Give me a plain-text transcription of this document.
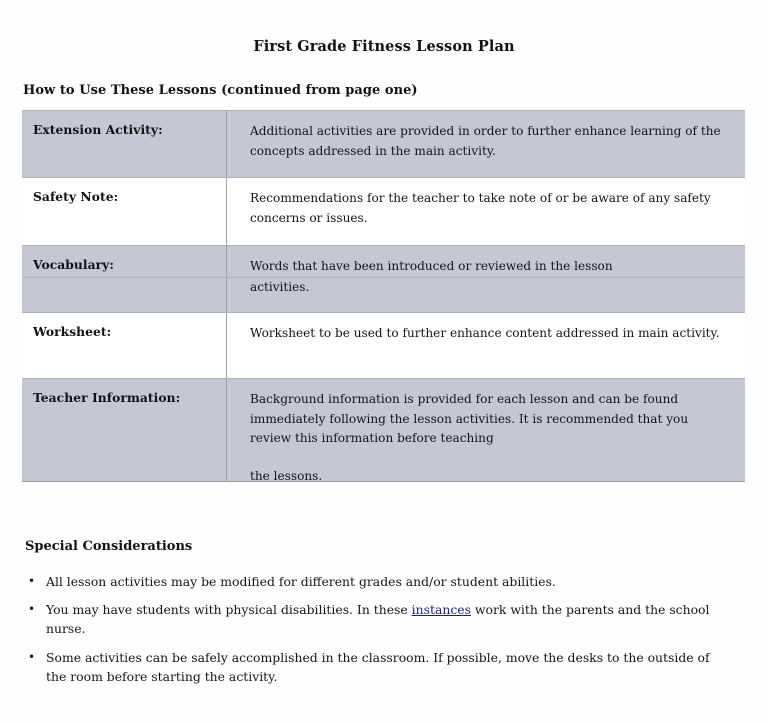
First Grade Fitness Lesson Plan
How to Use These Lessons (continued from page one)
Extension Activity:	Additional activities are provided in order to further enhance learning of the concepts addressed in the main activity.
Safety Note:	Recommendations for the teacher to take note of or be aware of any safety concerns or issues.
Vocabulary:	Words that have been introduced or reviewed in the lesson
activities.
Worksheet:	Worksheet to be used to further enhance content addressed in main activity.
Teacher Information:	Background information is provided for each lesson and can be found immediately following the lesson activities. It is recommended that you review this information before teaching
the lessons.
Special Considerations
• All lesson activities may be modified for different grades and/or student abilities.
• You may have students with physical disabilities. In these instances work with the parents and the school nurse.
• Some activities can be safely accomplished in the classroom. If possible, move the desks to the outside of the room before starting the activity.
